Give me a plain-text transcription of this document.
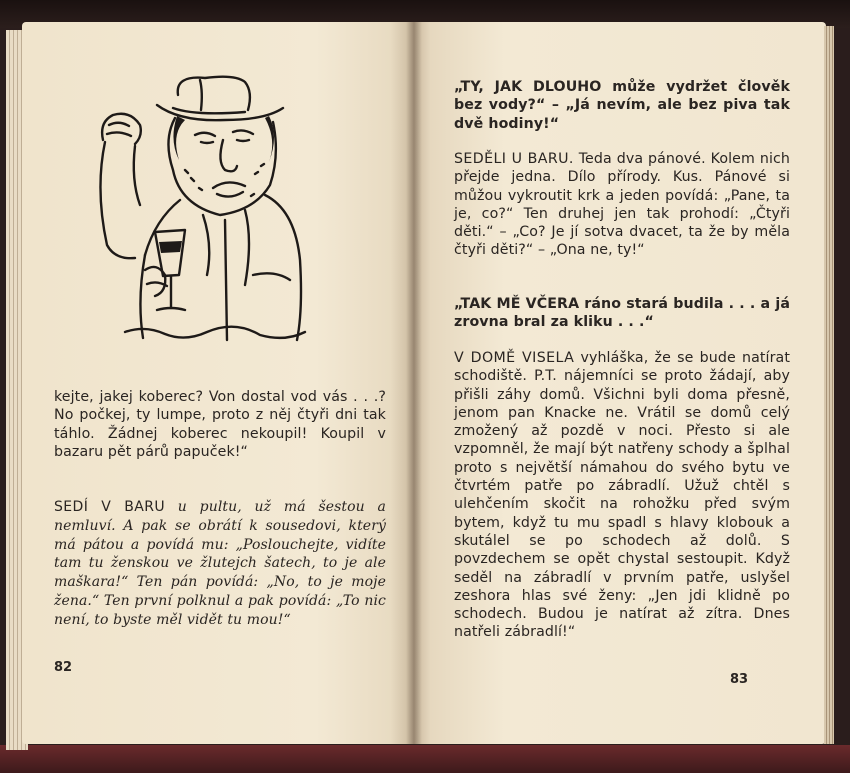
kejte, jakej koberec? Von dostal vod vás . . .? No počkej, ty lumpe, proto z něj čtyři dni tak táhlo. Žádnej koberec nekoupil! Koupil v bazaru pět párů papuček!“

SEDÍ V BARU u pultu, už má šestou a nemluví. A pak se obrátí k sousedovi, který má pátou a povídá mu: „Poslouchejte, vidíte tam tu ženskou ve žlutejch šatech, to je ale maškara!“ Ten pán povídá: „No, to je moje žena.“ Ten první polknul a pak povídá: „To nic není, to byste měl vidět tu mou!“

82
„TY, JAK DLOUHO může vydržet člověk bez vody?“ – „Já nevím, ale bez piva tak dvě hodiny!“

SEDĚLI U BARU. Teda dva pánové. Kolem nich přejde jedna. Dílo přírody. Kus. Pánové si můžou vykroutit krk a jeden povídá: „Pane, ta je, co?“ Ten druhej jen tak prohodí: „Čtyři děti.“ – „Co? Je jí sotva dvacet, ta že by měla čtyři děti?“ – „Ona ne, ty!“

„TAK MĚ VČERA ráno stará budila . . . a já zrovna bral za kliku . . .“

V DOMĚ VISELA vyhláška, že se bude natírat schodiště. P.T. nájemníci se proto žádají, aby přišli záhy domů. Všichni byli doma přesně, jenom pan Knacke ne. Vrátil se domů celý zmožený až pozdě v noci. Přesto si ale vzpomněl, že mají být natřeny schody a šplhal proto s největší námahou do svého bytu ve čtvrtém patře po zábradlí. Užuž chtěl s ulehčením skočit na rohožku před svým bytem, když tu mu spadl s hlavy klobouk a skutálel se po schodech až dolů. S povzdechem se opět chystal sestoupit. Když seděl na zábradlí v prvním patře, uslyšel zeshora hlas své ženy: „Jen jdi klidně po schodech. Budou je natírat až zítra. Dnes natřeli zábradlí!“

83
